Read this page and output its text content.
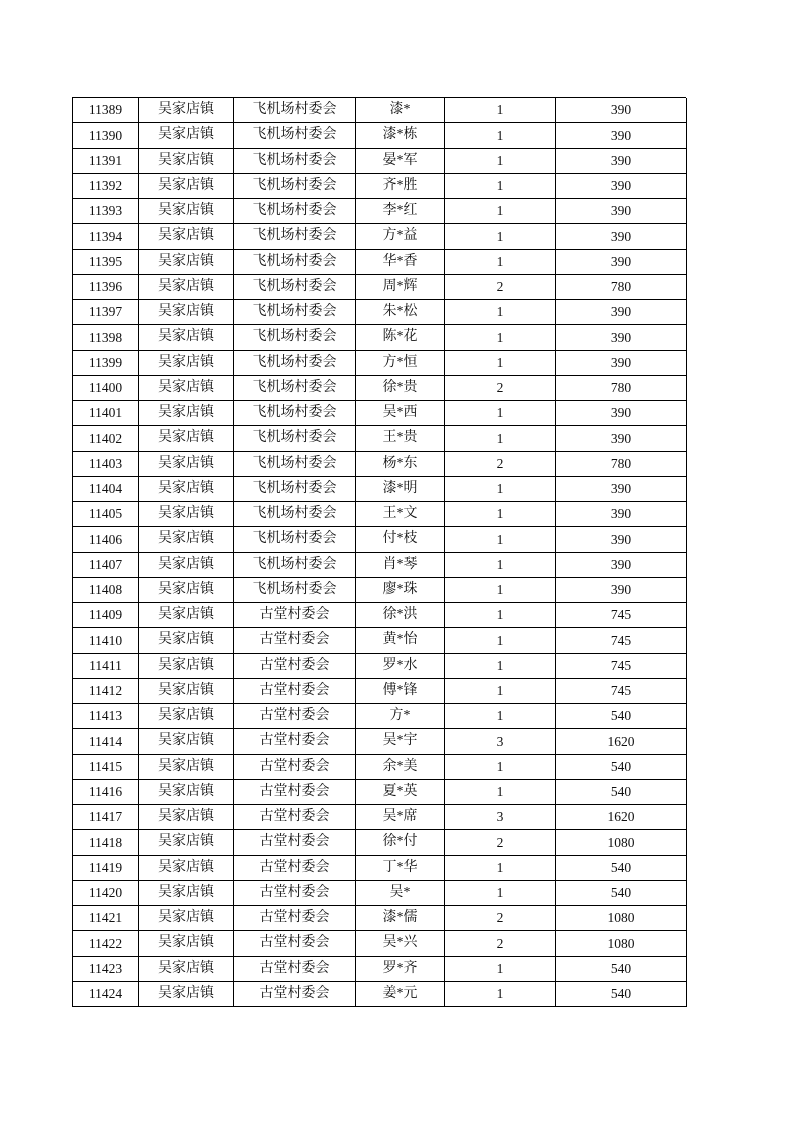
11389	吴家店镇	飞机场村委会	漆*	1	390
11390	吴家店镇	飞机场村委会	漆*栋	1	390
11391	吴家店镇	飞机场村委会	晏*军	1	390
11392	吴家店镇	飞机场村委会	齐*胜	1	390
11393	吴家店镇	飞机场村委会	李*红	1	390
11394	吴家店镇	飞机场村委会	方*益	1	390
11395	吴家店镇	飞机场村委会	华*香	1	390
11396	吴家店镇	飞机场村委会	周*辉	2	780
11397	吴家店镇	飞机场村委会	朱*松	1	390
11398	吴家店镇	飞机场村委会	陈*花	1	390
11399	吴家店镇	飞机场村委会	方*恒	1	390
11400	吴家店镇	飞机场村委会	徐*贵	2	780
11401	吴家店镇	飞机场村委会	吴*西	1	390
11402	吴家店镇	飞机场村委会	王*贵	1	390
11403	吴家店镇	飞机场村委会	杨*东	2	780
11404	吴家店镇	飞机场村委会	漆*明	1	390
11405	吴家店镇	飞机场村委会	王*文	1	390
11406	吴家店镇	飞机场村委会	付*枝	1	390
11407	吴家店镇	飞机场村委会	肖*琴	1	390
11408	吴家店镇	飞机场村委会	廖*珠	1	390
11409	吴家店镇	古堂村委会	徐*洪	1	745
11410	吴家店镇	古堂村委会	黄*怡	1	745
11411	吴家店镇	古堂村委会	罗*水	1	745
11412	吴家店镇	古堂村委会	傅*锋	1	745
11413	吴家店镇	古堂村委会	方*	1	540
11414	吴家店镇	古堂村委会	吴*宇	3	1620
11415	吴家店镇	古堂村委会	余*美	1	540
11416	吴家店镇	古堂村委会	夏*英	1	540
11417	吴家店镇	古堂村委会	吴*席	3	1620
11418	吴家店镇	古堂村委会	徐*付	2	1080
11419	吴家店镇	古堂村委会	丁*华	1	540
11420	吴家店镇	古堂村委会	吴*	1	540
11421	吴家店镇	古堂村委会	漆*儒	2	1080
11422	吴家店镇	古堂村委会	吴*兴	2	1080
11423	吴家店镇	古堂村委会	罗*齐	1	540
11424	吴家店镇	古堂村委会	姜*元	1	540
